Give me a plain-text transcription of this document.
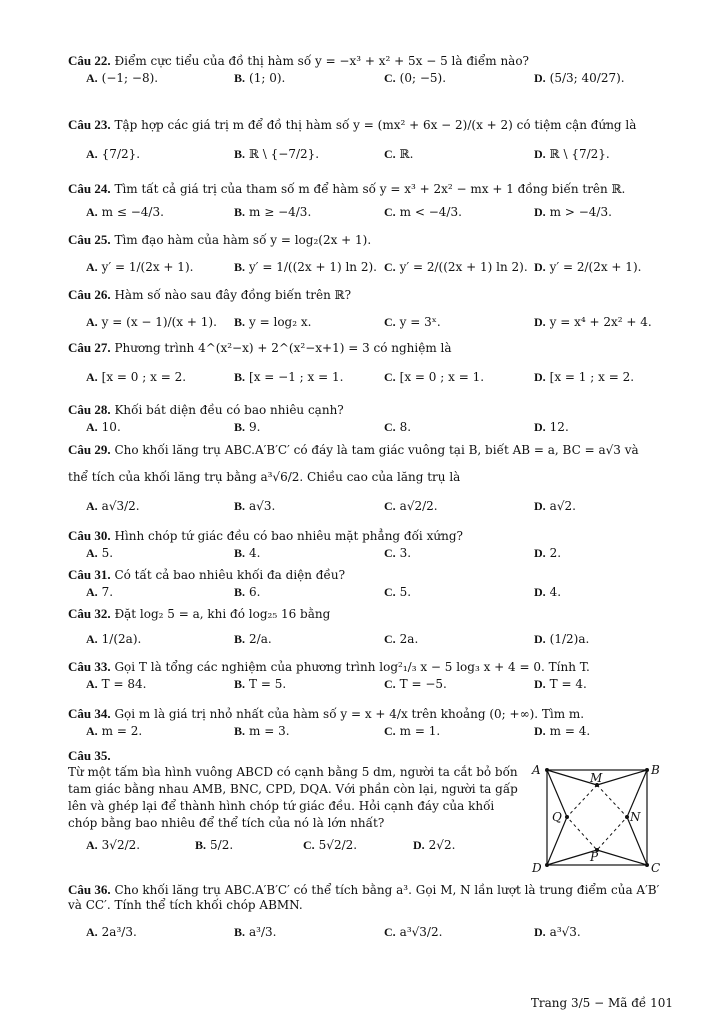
Câu 22. Điểm cực tiểu của đồ thị hàm số y = −x³ + x² + 5x − 5 là điểm nào?
A. (−1; −8).	B. (1; 0).	C. (0; −5).	D. (5/3; 40/27).
Câu 23. Tập hợp các giá trị m để đồ thị hàm số y = (mx² + 6x − 2)/(x + 2) có tiệm cận đứng là
A. {7/2}.	B. ℝ \ {−7/2}.	C. ℝ.	D. ℝ \ {7/2}.
Câu 24. Tìm tất cả giá trị của tham số m để hàm số y = x³ + 2x² − mx + 1 đồng biến trên ℝ.
A. m ≤ −4/3.	B. m ≥ −4/3.	C. m < −4/3.	D. m > −4/3.
Câu 25. Tìm đạo hàm của hàm số y = log₂(2x + 1).
A. y′ = 1/(2x + 1).	B. y′ = 1/((2x + 1) ln 2). C. y′ = 2/((2x + 1) ln 2). D. y′ = 2/(2x + 1).
Câu 26. Hàm số nào sau đây đồng biến trên ℝ?
A. y = (x − 1)/(x + 1). B. y = log₂ x.	C. y = 3ˣ.	D. y = x⁴ + 2x² + 4.
Câu 27. Phương trình 4^(x²−x) + 2^(x²−x+1) = 3 có nghiệm là
A. [x = 0 ; x = 2.	B. [x = −1 ; x = 1.	C. [x = 0 ; x = 1.	D. [x = 1 ; x = 2.
Câu 28. Khối bát diện đều có bao nhiêu cạnh?
A. 10.	B. 9.	C. 8.	D. 12.
Câu 29. Cho khối lăng trụ ABC.A′B′C′ có đáy là tam giác vuông tại B, biết AB = a, BC = a√3 và
thể tích của khối lăng trụ bằng a³√6/2. Chiều cao của lăng trụ là
A. a√3/2.	B. a√3.	C. a√2/2.	D. a√2.
Câu 30. Hình chóp tứ giác đều có bao nhiêu mặt phẳng đối xứng?
A. 5.	B. 4.	C. 3.	D. 2.
Câu 31. Có tất cả bao nhiêu khối đa diện đều?
A. 7.	B. 6.	C. 5.	D. 4.
Câu 32. Đặt log₂ 5 = a, khi đó log₂₅ 16 bằng
A. 1/(2a).	B. 2/a.	C. 2a.	D. (1/2)a.
Câu 33. Gọi T là tổng các nghiệm của phương trình log²₁/₃ x − 5 log₃ x + 4 = 0. Tính T.
A. T = 84.	B. T = 5.	C. T = −5.	D. T = 4.
Câu 34. Gọi m là giá trị nhỏ nhất của hàm số y = x + 4/x trên khoảng (0; +∞). Tìm m.
A. m = 2.	B. m = 3.	C. m = 1.	D. m = 4.
Câu 35.
Từ một tấm bìa hình vuông ABCD có cạnh bằng 5 dm, người ta cắt bỏ bốn tam giác bằng nhau AMB, BNC, CPD, DQA. Với phần còn lại, người ta gấp lên và ghép lại để thành hình chóp tứ giác đều. Hỏi cạnh đáy của khối chóp bằng bao nhiêu để thể tích của nó là lớn nhất?
A. 3√2/2.	B. 5/2.	C. 5√2/2.	D. 2√2.
A	B
C
D
M
N
P
Q
Câu 36. Cho khối lăng trụ ABC.A′B′C′ có thể tích bằng a³. Gọi M, N lần lượt là trung điểm của A′B′
và CC′. Tính thể tích khối chóp ABMN.
A. 2a³/3.	B. a³/3.	C. a³√3/2.	D. a³√3.
Trang 3/5 − Mã đề 101
